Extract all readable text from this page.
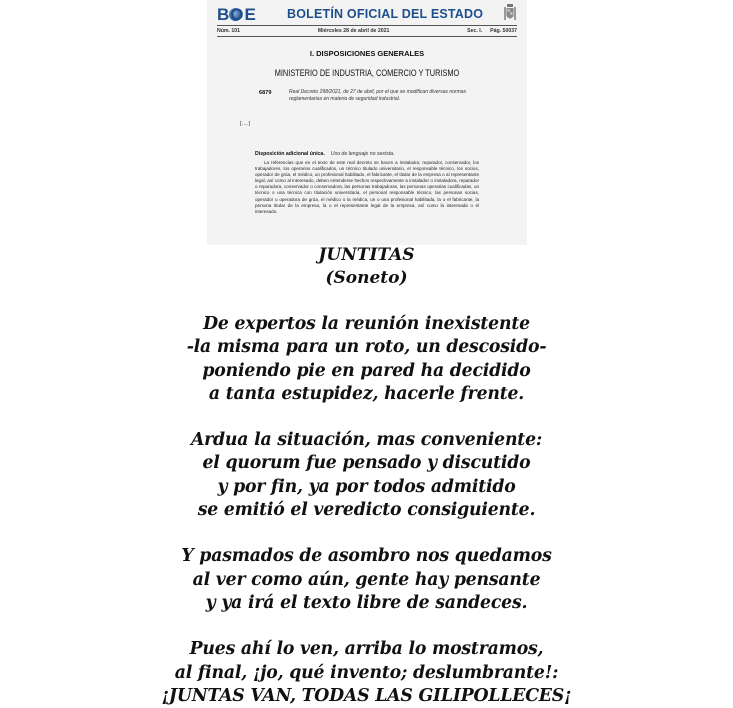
BOE BOLETÍN OFICIAL DEL ESTADO
Núm. 101	Miércoles 28 de abril de 2021	Sec. I. Pág. 50037
I. DISPOSICIONES GENERALES
MINISTERIO DE INDUSTRIA, COMERCIO Y TURISMO
6879	Real Decreto 298/2021, de 27 de abril, por el que se modifican diversas normas reglamentarias en materia de seguridad industrial.
[….]
Disposición adicional única. Uso de lenguaje no sexista.
La referencias que en el texto de este real decreto se hacen a instalador, reparador, conservador, los trabajadores, los operarios cualificados, un técnico titulado universitario, el responsable técnico, los socios, operador de grúa, el médico, un profesional habilitado, el fabricante, el titular de la empresa o al representante legal, así como al interesado, deben entenderse hechos respectivamente a instalador o instaladora, reparador o reparadora, conservador o conservadora, las personas trabajadoras, las personas operarias cualificadas, un técnico o una técnica con titulación universitaria, el personal responsable técnico, las personas socias, operador u operadora de grúa, el médico o la médica, un o una profesional habilitada, la o el fabricante, la persona titular de la empresa, la o el representante legal de la empresa, así como la interesada o el interesado.
JUNTITAS
(Soneto)
De expertos la reunión inexistente
-la misma para un roto, un descosido-
poniendo pie en pared ha decidido
a tanta estupidez, hacerle frente.
Ardua la situación, mas conveniente:
el quorum fue pensado y discutido
y por fin, ya por todos admitido
se emitió el veredicto consiguiente.
Y pasmados de asombro nos quedamos
al ver como aún, gente hay pensante
y ya irá el texto libre de sandeces.
Pues ahí lo ven, arriba lo mostramos,
al final, ¡jo, qué invento; deslumbrante!:
¡JUNTAS VAN, TODAS LAS GILIPOLLECES¡
